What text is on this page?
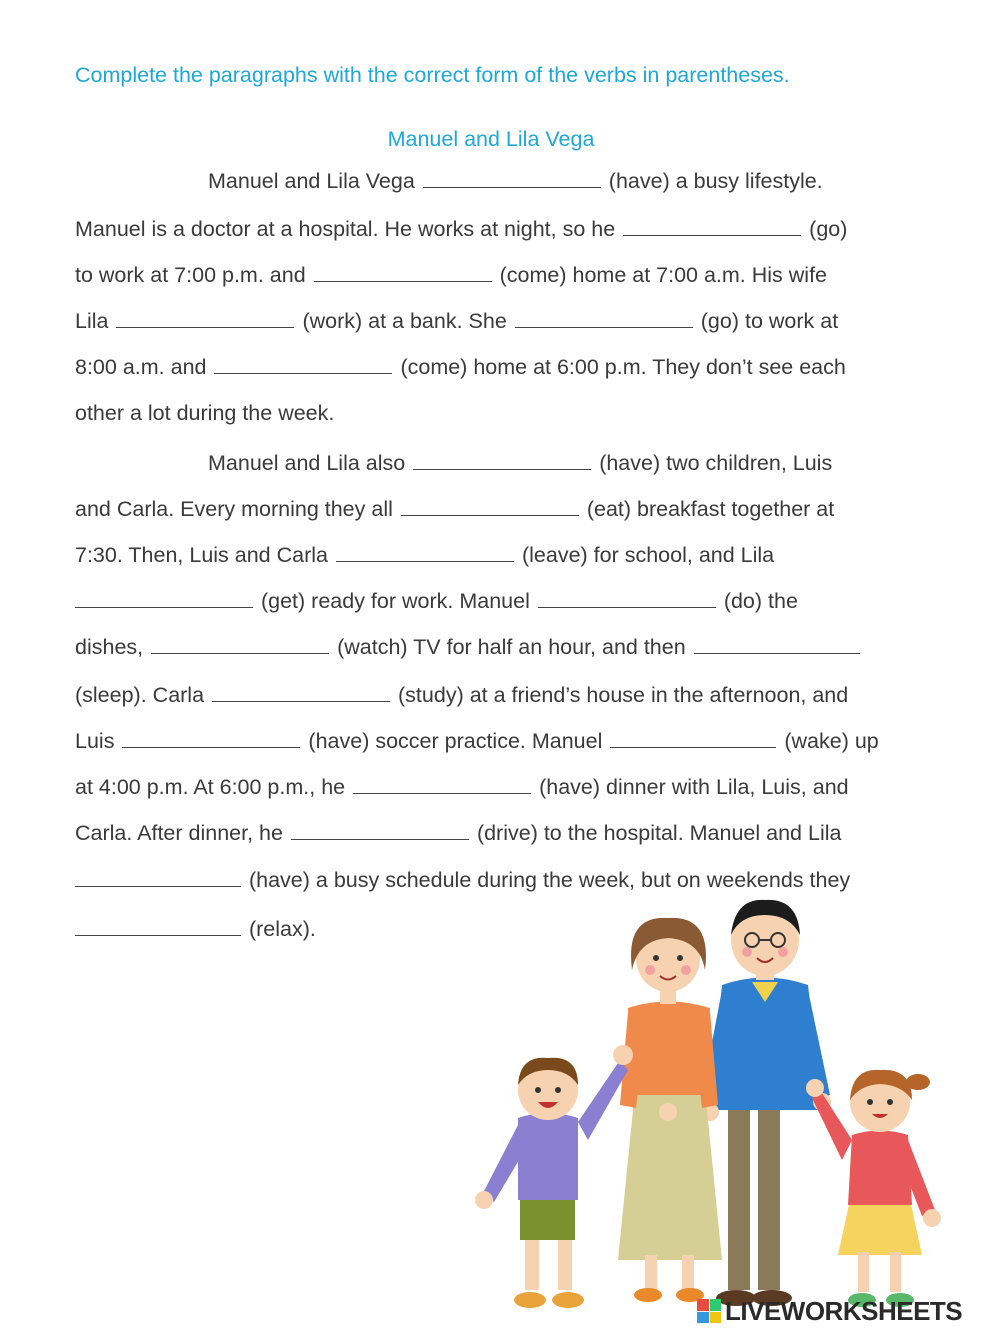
Complete the paragraphs with the correct form of the verbs in parentheses.
Manuel and Lila Vega
Manuel and Lila Vega	(have) a busy lifestyle.
Manuel is a doctor at a hospital. He works at night, so he	(go)
to work at 7:00 p.m. and	(come) home at 7:00 a.m. His wife
Lila	(work) at a bank. She	(go) to work at
8:00 a.m. and	(come) home at 6:00 p.m. They don’t see each
other a lot during the week.
Manuel and Lila also	(have) two children, Luis
and Carla. Every morning they all	(eat) breakfast together at
7:30. Then, Luis and Carla	(leave) for school, and Lila
(get) ready for work. Manuel	(do) the
dishes,	(watch) TV for half an hour, and then
(sleep). Carla	(study) at a friend’s house in the afternoon, and
Luis	(have) soccer practice. Manuel	(wake) up
at 4:00 p.m. At 6:00 p.m., he	(have) dinner with Lila, Luis, and
Carla. After dinner, he	(drive) to the hospital. Manuel and Lila
(have) a busy schedule during the week, but on weekends they
(relax).
LIVEWORKSHEETS
